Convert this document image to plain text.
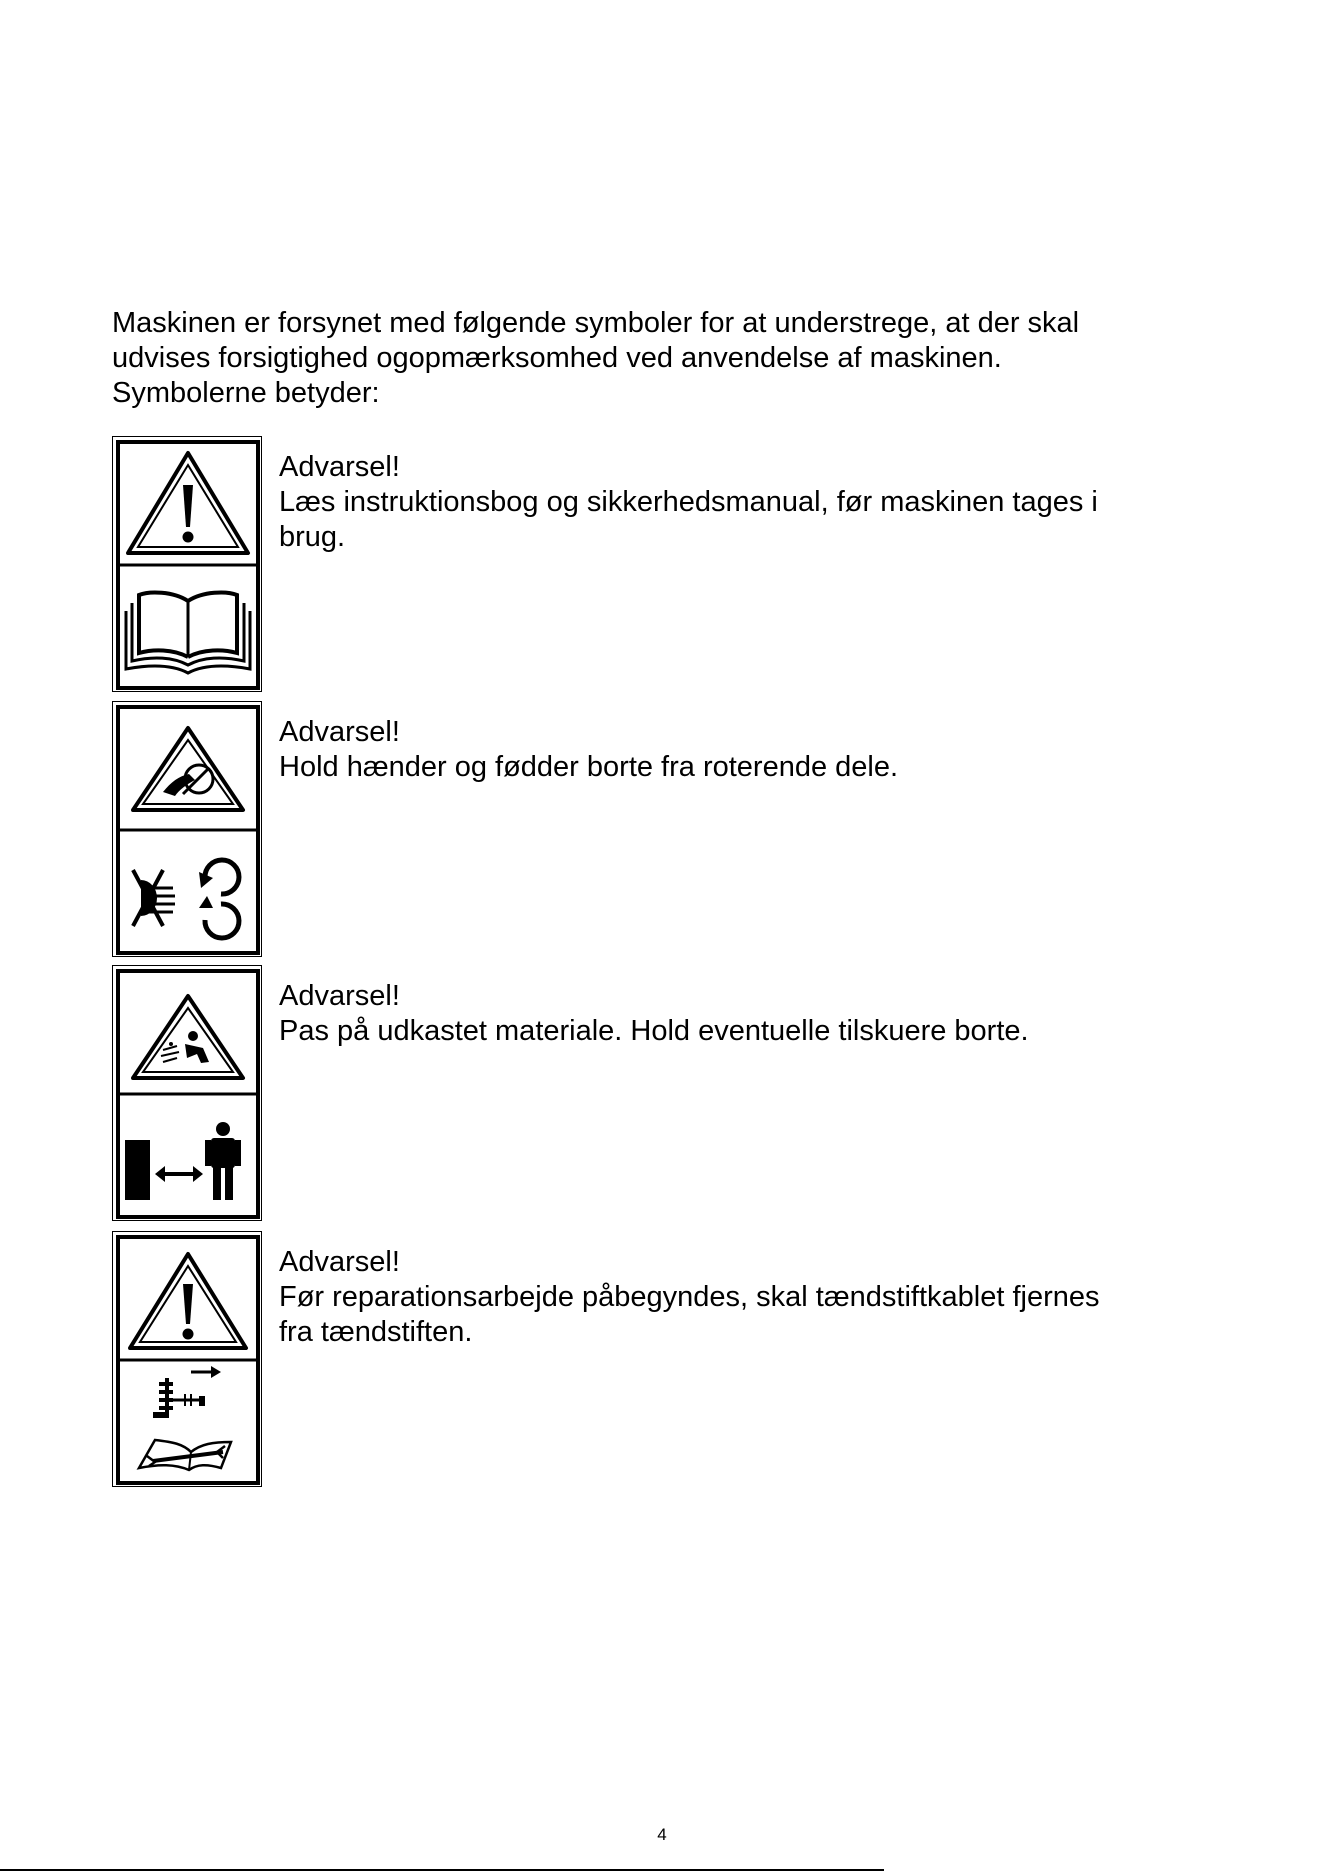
Maskinen er forsynet med følgende symboler for at understrege, at der skal
udvises forsigtighed ogopmærksomhed ved anvendelse af maskinen.
Symbolerne betyder:

Advarsel!
Læs instruktionsbog og sikkerhedsmanual, før maskinen tages i
brug.
Advarsel!
Hold hænder og fødder borte fra roterende dele.
Advarsel!
Pas på udkastet materiale. Hold eventuelle tilskuere borte.
Advarsel!
Før reparationsarbejde påbegyndes, skal tændstiftkablet fjernes
fra tændstiften.
4
